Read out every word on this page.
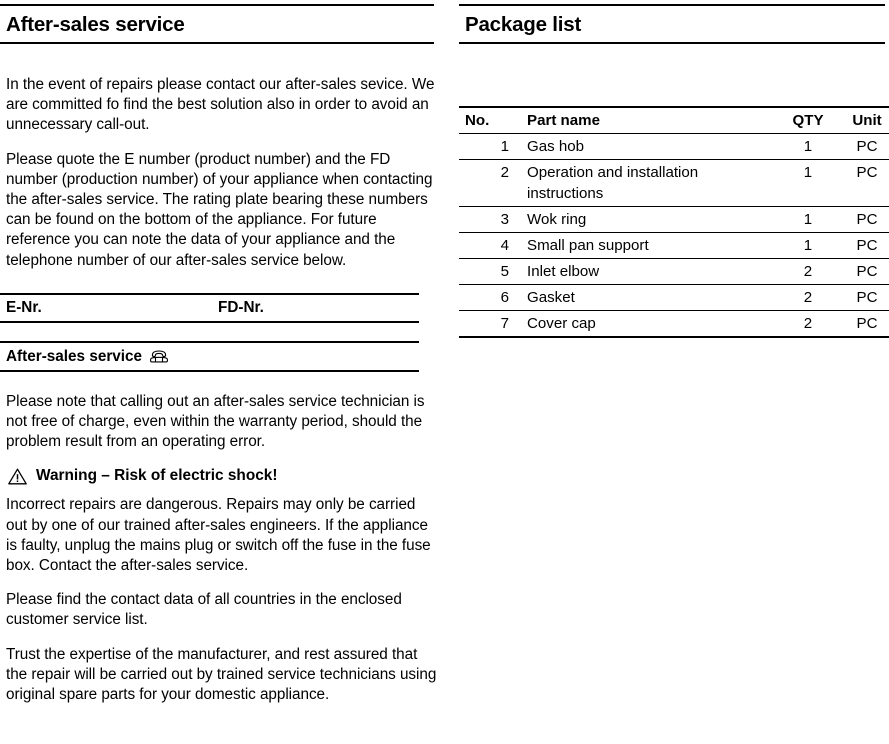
After-sales service

In the event of repairs please contact our after-sales sevice. We are committed fo find the best solution also in order to avoid an unnecessary call-out.

Please quote the E number (product number) and the FD number (production number) of your appliance when contacting the after-sales service. The rating plate bearing these numbers can be found on the bottom of the appliance. For future reference you can note the data of your appliance and the telephone number of our after-sales service below.

E-Nr.	FD-Nr.
After-sales service

Please note that calling out an after-sales service technician is not free of charge, even within the warranty period, should the problem result from an operating error.

Warning – Risk of electric shock!

Incorrect repairs are dangerous. Repairs may only be carried out by one of our trained after-sales engineers. If the appliance is faulty, unplug the mains plug or switch off the fuse in the fuse box. Contact the after-sales service.

Please find the contact data of all countries in the enclosed customer service list.

Trust the expertise of the manufacturer, and rest assured that the repair will be carried out by trained service technicians using original spare parts for your domestic appliance.

Package list
No.	Part name	QTY	Unit
1	Gas hob	1	PC
2	Operation and installation instructions	1	PC
3	Wok ring	1	PC
4	Small pan support	1	PC
5	Inlet elbow	2	PC
6	Gasket	2	PC
7	Cover cap	2	PC
